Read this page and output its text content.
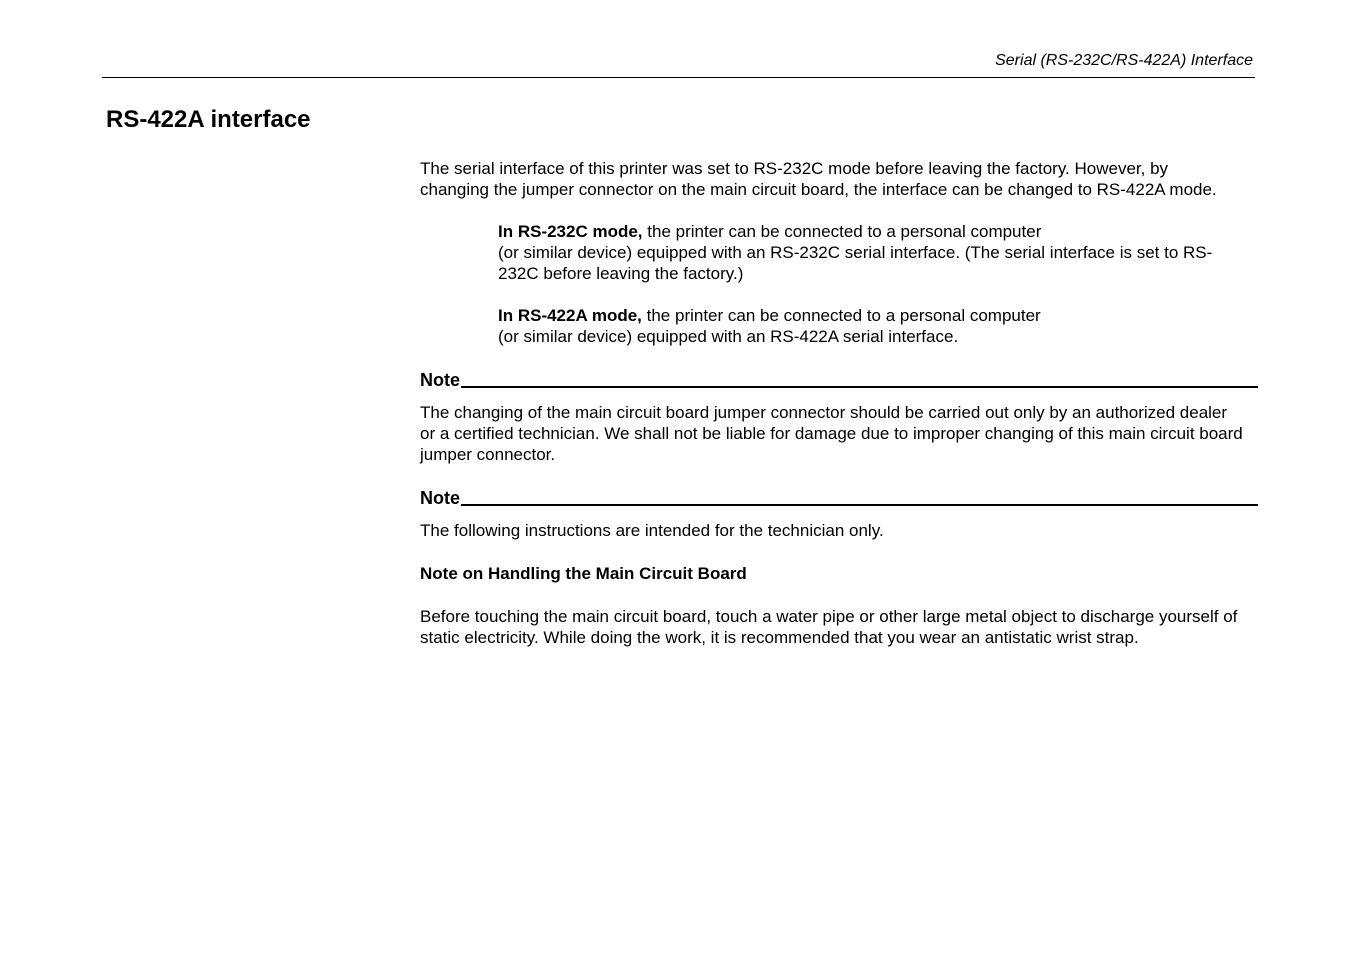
Serial (RS-232C/RS-422A) Interface
RS-422A interface

The serial interface of this printer was set to RS-232C mode before leaving the factory. However, by changing the jumper connector on the main circuit board, the interface can be changed to RS-422A mode.

In RS-232C mode, the printer can be connected to a personal computer
(or similar device) equipped with an RS-232C serial interface. (The serial interface is set to RS-232C before leaving the factory.)

In RS-422A mode, the printer can be connected to a personal computer
(or similar device) equipped with an RS-422A serial interface.

Note

The changing of the main circuit board jumper connector should be carried out only by an authorized dealer or a certified technician. We shall not be liable for damage due to improper changing of this main circuit board jumper connector.

Note

The following instructions are intended for the technician only.

Note on Handling the Main Circuit Board

Before touching the main circuit board, touch a water pipe or other large metal object to discharge yourself of static electricity. While doing the work, it is recommended that you wear an antistatic wrist strap.
